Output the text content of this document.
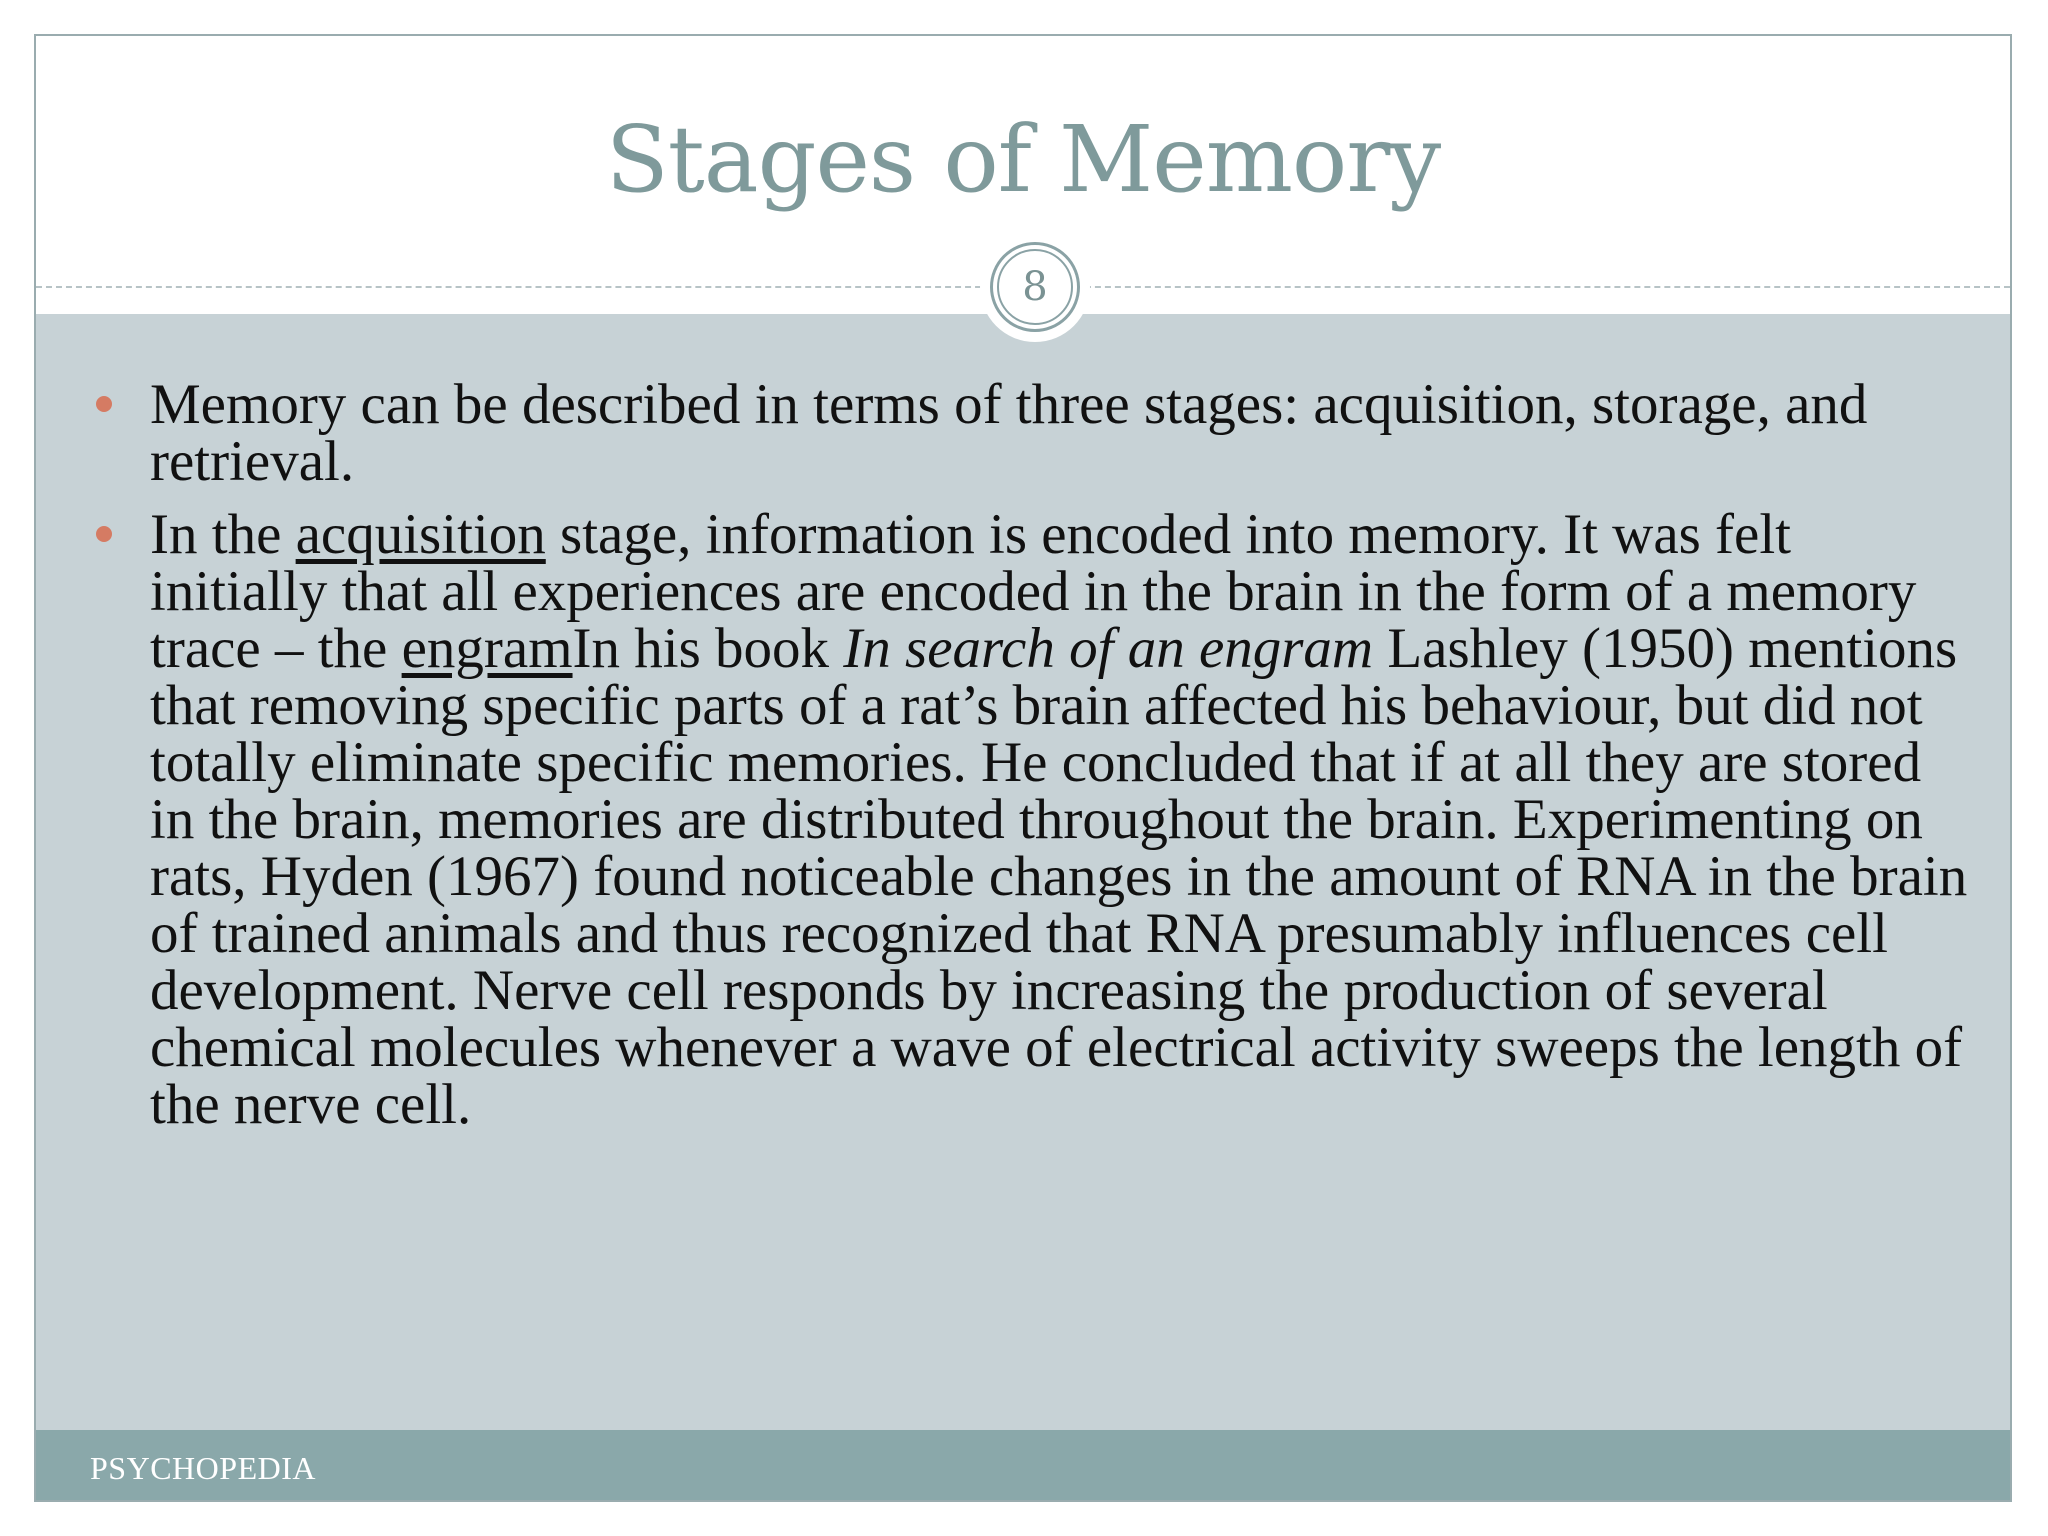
Stages of Memory
8
Memory can be described in terms of three stages: acquisition, storage, and retrieval.
In the acquisition stage, information is encoded into memory. It was felt initially that all experiences are encoded in the brain in the form of a memory trace – the engramIn his book In search of an engram Lashley (1950) mentions that removing specific parts of a rat’s brain affected his behaviour, but did not totally eliminate specific memories. He concluded that if at all they are stored in the brain, memories are distributed throughout the brain. Experimenting on rats, Hyden (1967) found noticeable changes in the amount of RNA in the brain of trained animals and thus recognized that RNA presumably influences cell development. Nerve cell responds by increasing the production of several chemical molecules whenever a wave of electrical activity sweeps the length of the nerve cell.
PSYCHOPEDIA
